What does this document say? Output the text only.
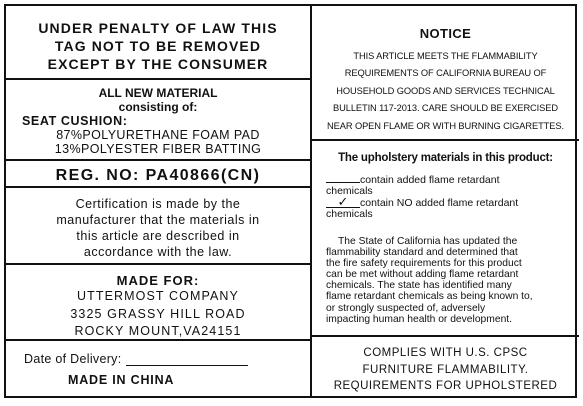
UNDER PENALTY OF LAW THIS
TAG NOT TO BE REMOVED
EXCEPT BY THE CONSUMER
ALL NEW MATERIAL
consisting of:
SEAT CUSHION:
87%POLYURETHANE FOAM PAD
13%POLYESTER FIBER BATTING
REG. NO: PA40866(CN)
Certification is made by the
manufacturer that the materials in
this article are described in
accordance with the law.
MADE FOR:
UTTERMOST COMPANY
3325 GRASSY HILL ROAD
ROCKY MOUNT,VA24151
Date of Delivery:
MADE IN CHINA
NOTICE
THIS ARTICLE MEETS THE FLAMMABILITY
REQUIREMENTS OF CALIFORNIA BUREAU OF
HOUSEHOLD GOODS AND SERVICES TECHNICAL
BULLETIN 117-2013. CARE SHOULD BE EXERCISED
NEAR OPEN FLAME OR WITH BURNING CIGARETTES.
The upholstery materials in this product:
contain added flame retardant
chemicals
✓ contain NO added flame retardant
chemicals
The State of California has updated the
flammability standard and determined that
the fire safety requirements for this product
can be met without adding flame retardant
chemicals. The state has identified many
flame retardant chemicals as being known to,
or strongly suspected of, adversely
impacting human health or development.
COMPLIES WITH U.S. CPSC
FURNITURE FLAMMABILITY.
REQUIREMENTS FOR UPHOLSTERED
